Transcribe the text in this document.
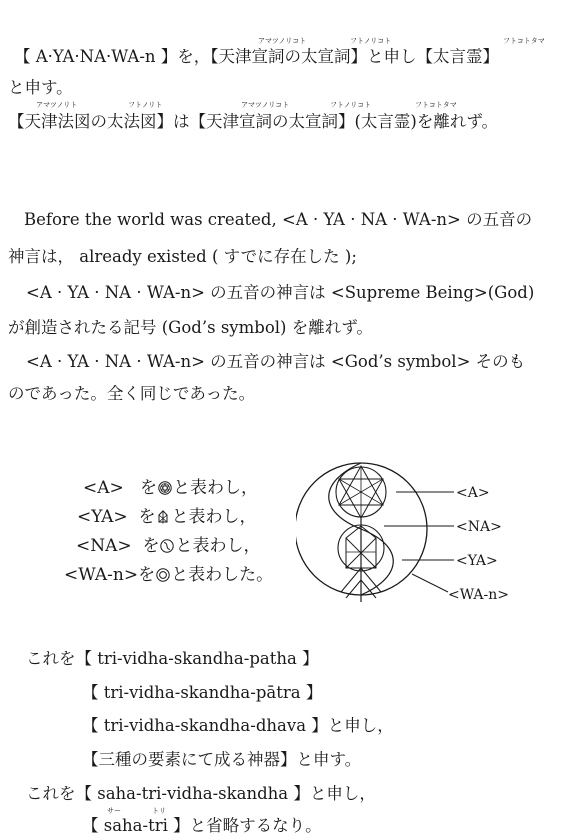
アマツノリコト	フトノリコト	フトコトタマ
【 A·YA·NA·WA-n 】を，【天津宣詞の太宣詞】と申し【太言霊】
と申す。
アマツノリト	フトノリト	アマツノリコト	フトノリコト	フトコトタマ
【天津法図の太法図】は【天津宣詞の太宣詞】(太言霊)を離れず。
Before the world was created, <A · YA · NA · WA-n> の五音の
神言は， already existed ( すでに存在した );
<A · YA · NA · WA-n> の五音の神言は <Supreme Being>(God)
が創造されたる記号 (God’s symbol) を離れず。
<A · YA · NA · WA-n> の五音の神言は <God’s symbol> そのも
のであった。全く同じであった。
<A> を と表わし，
<YA> を と表わし，
<NA> を と表わし，
<WA-n>を と表わした。
<A>
<NA>
<YA>
<WA-n>
これを【 tri-vidha-skandha-patha 】
【 tri-vidha-skandha-pātra 】
【 tri-vidha-skandha-dhava 】と申し，
【三種の要素にて成る神器】と申す。
これを【 saha-tri-vidha-skandha 】と申し，
サー	トリ
【 saha-tri 】と省略するなり。
